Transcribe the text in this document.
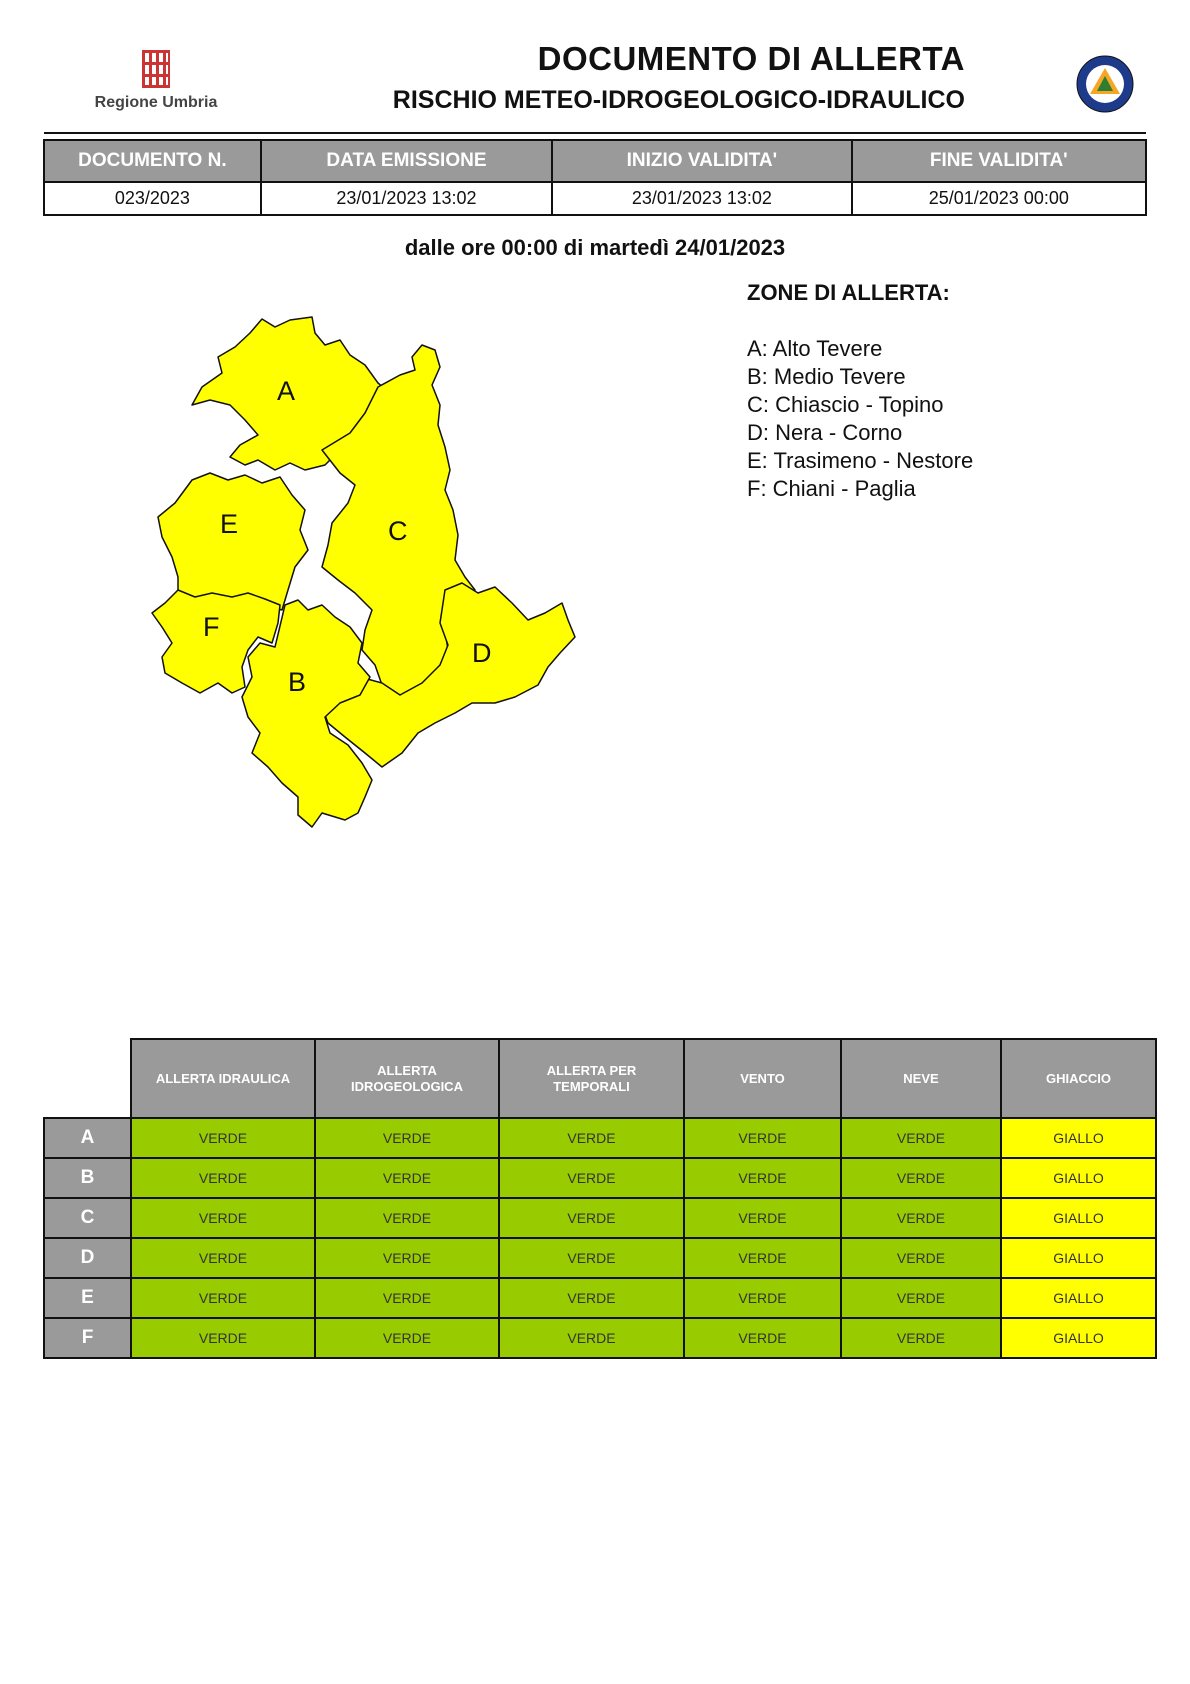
Regione Umbria
DOCUMENTO DI ALLERTA
RISCHIO METEO-IDROGEOLOGICO-IDRAULICO
DOCUMENTO N.	DATA EMISSIONE	INIZIO VALIDITA'	FINE VALIDITA'
023/2023	23/01/2023 13:02	23/01/2023 13:02	25/01/2023 00:00
dalle ore 00:00 di martedì 24/01/2023
A
B
C
D
E
F
ZONE DI ALLERTA:
A: Alto Tevere
B: Medio Tevere
C: Chiascio - Topino
D: Nera - Corno
E: Trasimeno - Nestore
F: Chiani - Paglia
	ALLERTA IDRAULICA	ALLERTA IDROGEOLOGICA	ALLERTA PER TEMPORALI	VENTO	NEVE	GHIACCIO
A	VERDE	VERDE	VERDE	VERDE	VERDE	GIALLO
B	VERDE	VERDE	VERDE	VERDE	VERDE	GIALLO
C	VERDE	VERDE	VERDE	VERDE	VERDE	GIALLO
D	VERDE	VERDE	VERDE	VERDE	VERDE	GIALLO
E	VERDE	VERDE	VERDE	VERDE	VERDE	GIALLO
F	VERDE	VERDE	VERDE	VERDE	VERDE	GIALLO
